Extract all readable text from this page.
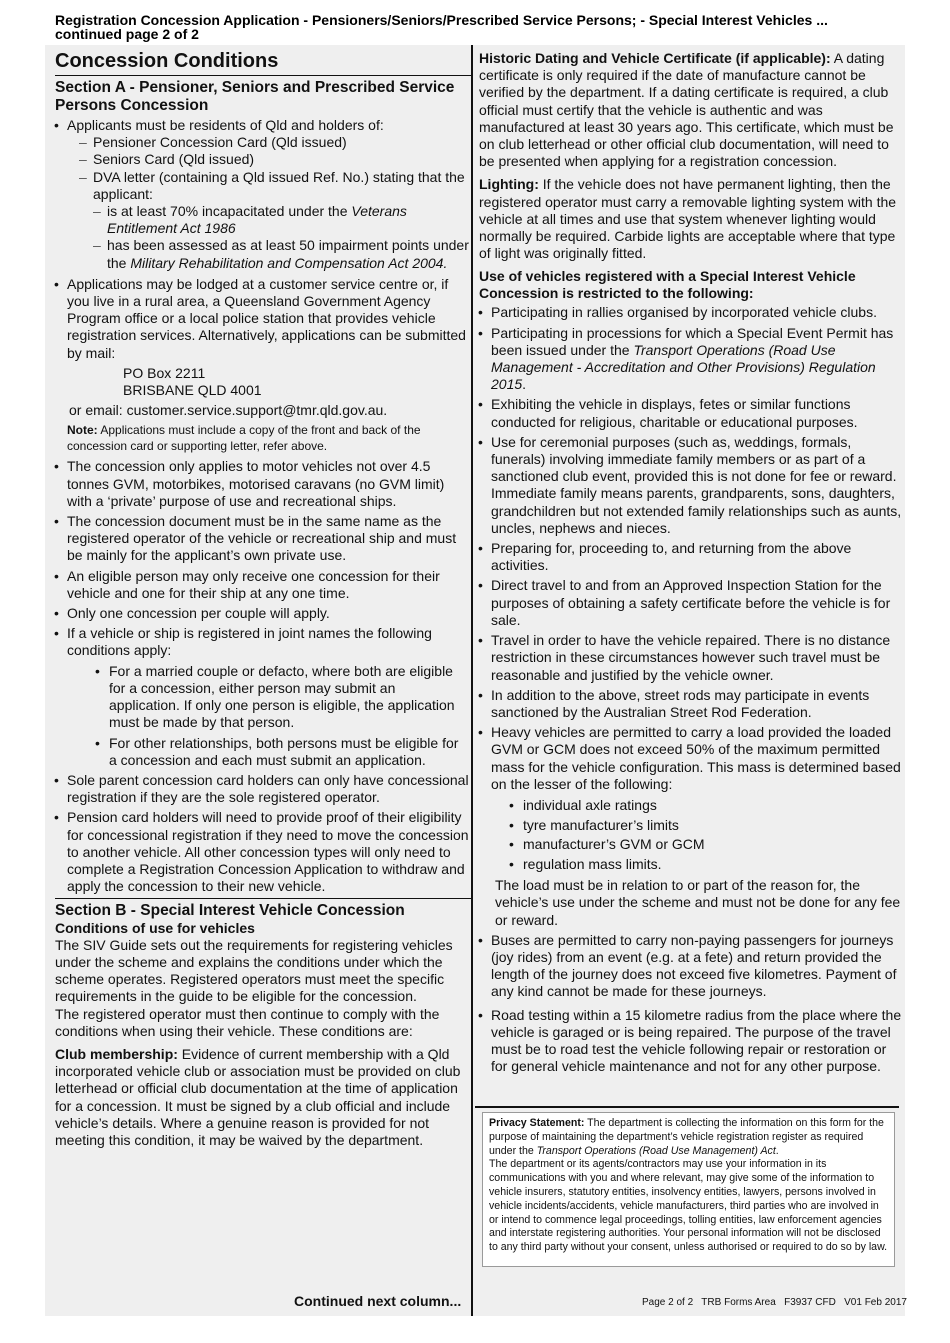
Registration Concession Application - Pensioners/Seniors/Prescribed Service Persons; - Special Interest Vehicles ...
continued page 2 of 2
Concession Conditions
Section A - Pensioner, Seniors and Prescribed Service Persons Concession
• Applicants must be residents of Qld and holders of:
– Pensioner Concession Card (Qld issued)
– Seniors Card (Qld issued)
– DVA letter (containing a Qld issued Ref. No.) stating that the applicant:
– is at least 70% incapacitated under the Veterans Entitlement Act 1986
– has been assessed as at least 50 impairment points under the Military Rehabilitation and Compensation Act 2004.
• Applications may be lodged at a customer service centre or, if you live in a rural area, a Queensland Government Agency Program office or a local police station that provides vehicle registration services. Alternatively, applications can be submitted by mail:
PO Box 2211
BRISBANE QLD 4001
or email: customer.service.support@tmr.qld.gov.au.
Note: Applications must include a copy of the front and back of the concession card or supporting letter, refer above.
• The concession only applies to motor vehicles not over 4.5 tonnes GVM, motorbikes, motorised caravans (no GVM limit) with a ‘private’ purpose of use and recreational ships.
• The concession document must be in the same name as the registered operator of the vehicle or recreational ship and must be mainly for the applicant’s own private use.
• An eligible person may only receive one concession for their vehicle and one for their ship at any one time.
• Only one concession per couple will apply.
• If a vehicle or ship is registered in joint names the following conditions apply:
• For a married couple or defacto, where both are eligible for a concession, either person may submit an application. If only one person is eligible, the application must be made by that person.
• For other relationships, both persons must be eligible for a concession and each must submit an application.
• Sole parent concession card holders can only have concessional registration if they are the sole registered operator.
• Pension card holders will need to provide proof of their eligibility for concessional registration if they need to move the concession to another vehicle. All other concession types will only need to complete a Registration Concession Application to withdraw and apply the concession to their new vehicle.
Section B - Special Interest Vehicle Concession
Conditions of use for vehicles
The SIV Guide sets out the requirements for registering vehicles under the scheme and explains the conditions under which the scheme operates. Registered operators must meet the specific requirements in the guide to be eligible for the concession.

The registered operator must then continue to comply with the conditions when using their vehicle. These conditions are:

Club membership: Evidence of current membership with a Qld incorporated vehicle club or association must be provided on club letterhead or official club documentation at the time of application for a concession. It must be signed by a club official and include vehicle’s details. Where a genuine reason is provided for not meeting this condition, it may be waived by the department.

Continued next column...

Historic Dating and Vehicle Certificate (if applicable): A dating certificate is only required if the date of manufacture cannot be verified by the department. If a dating certificate is required, a club official must certify that the vehicle is authentic and was manufactured at least 30 years ago. This certificate, which must be on club letterhead or other official club documentation, will need to be presented when applying for a registration concession.

Lighting: If the vehicle does not have permanent lighting, then the registered operator must carry a removable lighting system with the vehicle at all times and use that system whenever lighting would normally be required. Carbide lights are acceptable where that type of light was originally fitted.

Use of vehicles registered with a Special Interest Vehicle Concession is restricted to the following:
• Participating in rallies organised by incorporated vehicle clubs.
• Participating in processions for which a Special Event Permit has been issued under the Transport Operations (Road Use Management - Accreditation and Other Provisions) Regulation 2015.
• Exhibiting the vehicle in displays, fetes or similar functions conducted for religious, charitable or educational purposes.
• Use for ceremonial purposes (such as, weddings, formals, funerals) involving immediate family members or as part of a sanctioned club event, provided this is not done for fee or reward. Immediate family means parents, grandparents, sons, daughters, grandchildren but not extended family relationships such as aunts, uncles, nephews and nieces.
• Preparing for, proceeding to, and returning from the above activities.
• Direct travel to and from an Approved Inspection Station for the purposes of obtaining a safety certificate before the vehicle is for sale.
• Travel in order to have the vehicle repaired. There is no distance restriction in these circumstances however such travel must be reasonable and justified by the vehicle owner.
• In addition to the above, street rods may participate in events sanctioned by the Australian Street Rod Federation.
• Heavy vehicles are permitted to carry a load provided the loaded GVM or GCM does not exceed 50% of the maximum permitted mass for the vehicle configuration. This mass is determined based on the lesser of the following:
• individual axle ratings
• tyre manufacturer’s limits
• manufacturer’s GVM or GCM
• regulation mass limits.
The load must be in relation to or part of the reason for, the vehicle’s use under the scheme and must not be done for any fee or reward.
• Buses are permitted to carry non-paying passengers for journeys (joy rides) from an event (e.g. at a fete) and return provided the length of the journey does not exceed five kilometres. Payment of any kind cannot be made for these journeys.
• Road testing within a 15 kilometre radius from the place where the vehicle is garaged or is being repaired. The purpose of the travel must be to road test the vehicle following repair or restoration or for general vehicle maintenance and not for any other purpose.
Privacy Statement: The department is collecting the information on this form for the purpose of maintaining the department’s vehicle registration register as required under the Transport Operations (Road Use Management) Act.
The department or its agents/contractors may use your information in its communications with you and where relevant, may give some of the information to vehicle insurers, statutory entities, insolvency entities, lawyers, persons involved in vehicle incidents/accidents, vehicle manufacturers, third parties who are involved in or intend to commence legal proceedings, tolling entities, law enforcement agencies and interstate registering authorities. Your personal information will not be disclosed to any third party without your consent, unless authorised or required to do so by law.
Page 2 of 2   TRB Forms Area   F3937 CFD   V01 Feb 2017
